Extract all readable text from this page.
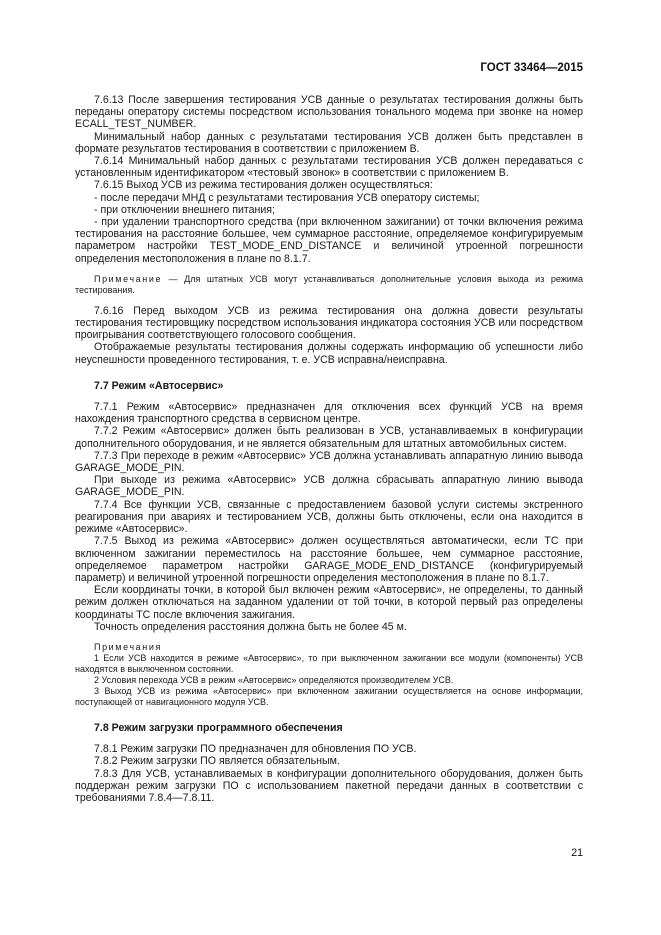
ГОСТ 33464—2015

7.6.13 После завершения тестирования УСВ данные о результатах тестирования должны быть переданы оператору системы посредством использования тонального модема при звонке на номер ECALL_TEST_NUMBER.

Минимальный набор данных с результатами тестирования УСВ должен быть представлен в формате результатов тестирования в соответствии с приложением В.

7.6.14 Минимальный набор данных с результатами тестирования УСВ должен передаваться с установленным идентификатором «тестовый звонок» в соответствии с приложением В.

7.6.15 Выход УСВ из режима тестирования должен осуществляться:

- после передачи МНД с результатами тестирования УСВ оператору системы;

- при отключении внешнего питания;

- при удалении транспортного средства (при включенном зажигании) от точки включения режима тестирования на расстояние большее, чем суммарное расстояние, определяемое конфигурируемым параметром настройки TEST_MODE_END_DISTANCE и величиной утроенной погрешности определения местоположения в плане по 8.1.7.

Примечание — Для штатных УСВ могут устанавливаться дополнительные условия выхода из режима тестирования.

7.6.16 Перед выходом УСВ из режима тестирования она должна довести результаты тестирования тестировщику посредством использования индикатора состояния УСВ или посредством проигрывания соответствующего голосового сообщения.

Отображаемые результаты тестирования должны содержать информацию об успешности либо неуспешности проведенного тестирования, т. е. УСВ исправна/неисправна.

7.7 Режим «Автосервис»

7.7.1 Режим «Автосервис» предназначен для отключения всех функций УСВ на время нахождения транспортного средства в сервисном центре.

7.7.2 Режим «Автосервис» должен быть реализован в УСВ, устанавливаемых в конфигурации дополнительного оборудования, и не является обязательным для штатных автомобильных систем.

7.7.3 При переходе в режим «Автосервис» УСВ должна устанавливать аппаратную линию вывода GARAGE_MODE_PIN.

При выходе из режима «Автосервис» УСВ должна сбрасывать аппаратную линию вывода GARAGE_MODE_PIN.

7.7.4 Все функции УСВ, связанные с предоставлением базовой услуги системы экстренного реагирования при авариях и тестированием УСВ, должны быть отключены, если она находится в режиме «Автосервис».

7.7.5 Выход из режима «Автосервис» должен осуществляться автоматически, если ТС при включенном зажигании переместилось на расстояние большее, чем суммарное расстояние, определяемое параметром настройки GARAGE_MODE_END_DISTANCE (конфигурируемый параметр) и величиной утроенной погрешности определения местоположения в плане по 8.1.7.

Если координаты точки, в которой был включен режим «Автосервис», не определены, то данный режим должен отключаться на заданном удалении от той точки, в которой первый раз определены координаты ТС после включения зажигания.

Точность определения расстояния должна быть не более 45 м.

Примечания

1 Если УСВ находится в режиме «Автосервис», то при выключенном зажигании все модули (компоненты) УСВ находятся в выключенном состоянии.

2 Условия перехода УСВ в режим «Автосервис» определяются производителем УСВ.

3 Выход УСВ из режима «Автосервис» при включенном зажигании осуществляется на основе информации, поступающей от навигационного модуля УСВ.

7.8 Режим загрузки программного обеспечения

7.8.1 Режим загрузки ПО предназначен для обновления ПО УСВ.

7.8.2 Режим загрузки ПО является обязательным.

7.8.3 Для УСВ, устанавливаемых в конфигурации дополнительного оборудования, должен быть поддержан режим загрузки ПО с использованием пакетной передачи данных в соответствии с требованиями 7.8.4—7.8.11.

21
